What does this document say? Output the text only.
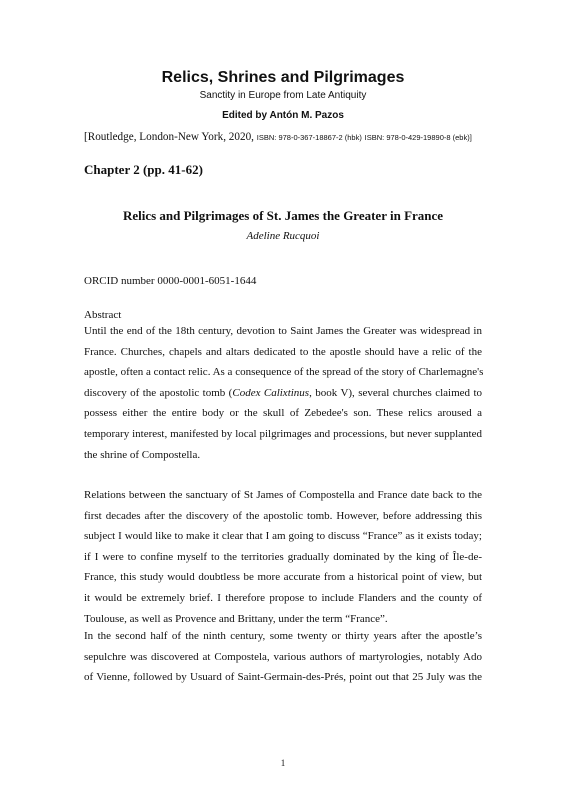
Relics, Shrines and Pilgrimages
Sanctity in Europe from Late Antiquity
Edited by Antón M. Pazos
[Routledge, London-New York, 2020, ISBN: 978-0-367-18867-2 (hbk) ISBN: 978-0-429-19890-8 (ebk)]
Chapter 2 (pp. 41-62)
Relics and Pilgrimages of St. James the Greater in France
Adeline Rucquoi
ORCID number 0000-0001-6051-1644
Abstract
Until the end of the 18th century, devotion to Saint James the Greater was widespread in
France. Churches, chapels and altars dedicated to the apostle should have a relic of the
apostle, often a contact relic. As a consequence of the spread of the story of Charlemagne's
discovery of the apostolic tomb (Codex Calixtinus, book V), several churches claimed to
possess either the entire body or the skull of Zebedee's son. These relics aroused a
temporary interest, manifested by local pilgrimages and processions, but never supplanted
the shrine of Compostella.
Relations between the sanctuary of St James of Compostella and France date back to the
first decades after the discovery of the apostolic tomb. However, before addressing this
subject I would like to make it clear that I am going to discuss “France” as it exists today;
if I were to confine myself to the territories gradually dominated by the king of Île-de-
France, this study would doubtless be more accurate from a historical point of view, but
it would be extremely brief. I therefore propose to include Flanders and the county of
Toulouse, as well as Provence and Brittany, under the term “France”.
In the second half of the ninth century, some twenty or thirty years after the apostle’s
sepulchre was discovered at Compostela, various authors of martyrologies, notably Ado
of Vienne, followed by Usuard of Saint-Germain-des-Prés, point out that 25 July was the
1
